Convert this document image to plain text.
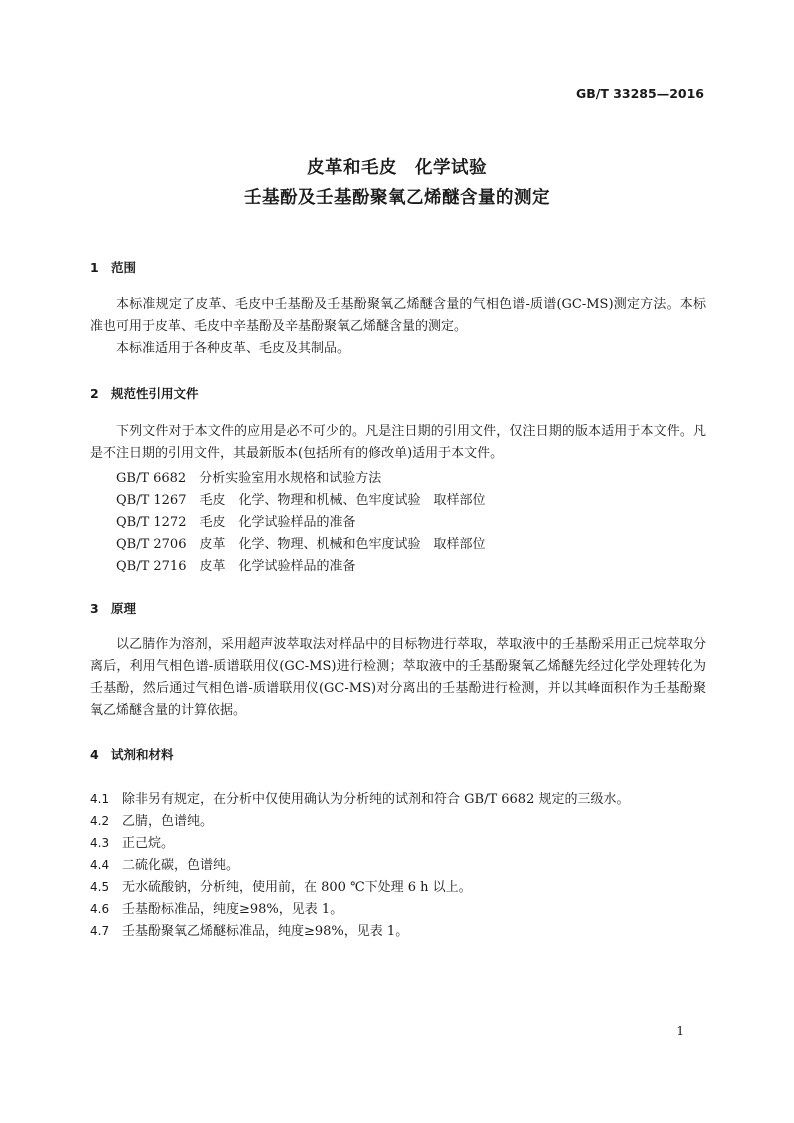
GB/T 33285—2016
皮革和毛皮　化学试验
壬基酚及壬基酚聚氧乙烯醚含量的测定
1 范围
本标准规定了皮革、毛皮中壬基酚及壬基酚聚氧乙烯醚含量的气相色谱-质谱(GC-MS)测定方法。本标准也可用于皮革、毛皮中辛基酚及辛基酚聚氧乙烯醚含量的测定。
本标准适用于各种皮革、毛皮及其制品。
2 规范性引用文件
下列文件对于本文件的应用是必不可少的。凡是注日期的引用文件，仅注日期的版本适用于本文件。凡是不注日期的引用文件，其最新版本(包括所有的修改单)适用于本文件。
GB/T 6682　分析实验室用水规格和试验方法
QB/T 1267　毛皮　化学、物理和机械、色牢度试验　取样部位
QB/T 1272　毛皮　化学试验样品的准备
QB/T 2706　皮革　化学、物理、机械和色牢度试验　取样部位
QB/T 2716　皮革　化学试验样品的准备
3 原理
以乙腈作为溶剂，采用超声波萃取法对样品中的目标物进行萃取，萃取液中的壬基酚采用正己烷萃取分离后，利用气相色谱-质谱联用仪(GC-MS)进行检测；萃取液中的壬基酚聚氧乙烯醚先经过化学处理转化为壬基酚，然后通过气相色谱-质谱联用仪(GC-MS)对分离出的壬基酚进行检测，并以其峰面积作为壬基酚聚氧乙烯醚含量的计算依据。
4 试剂和材料
4.1 除非另有规定，在分析中仅使用确认为分析纯的试剂和符合 GB/T 6682 规定的三级水。
4.2 乙腈，色谱纯。
4.3 正己烷。
4.4 二硫化碳，色谱纯。
4.5 无水硫酸钠，分析纯，使用前，在 800 ℃下处理 6 h 以上。
4.6 壬基酚标准品，纯度≥98%，见表 1。
4.7 壬基酚聚氧乙烯醚标准品，纯度≥98%，见表 1。
1
